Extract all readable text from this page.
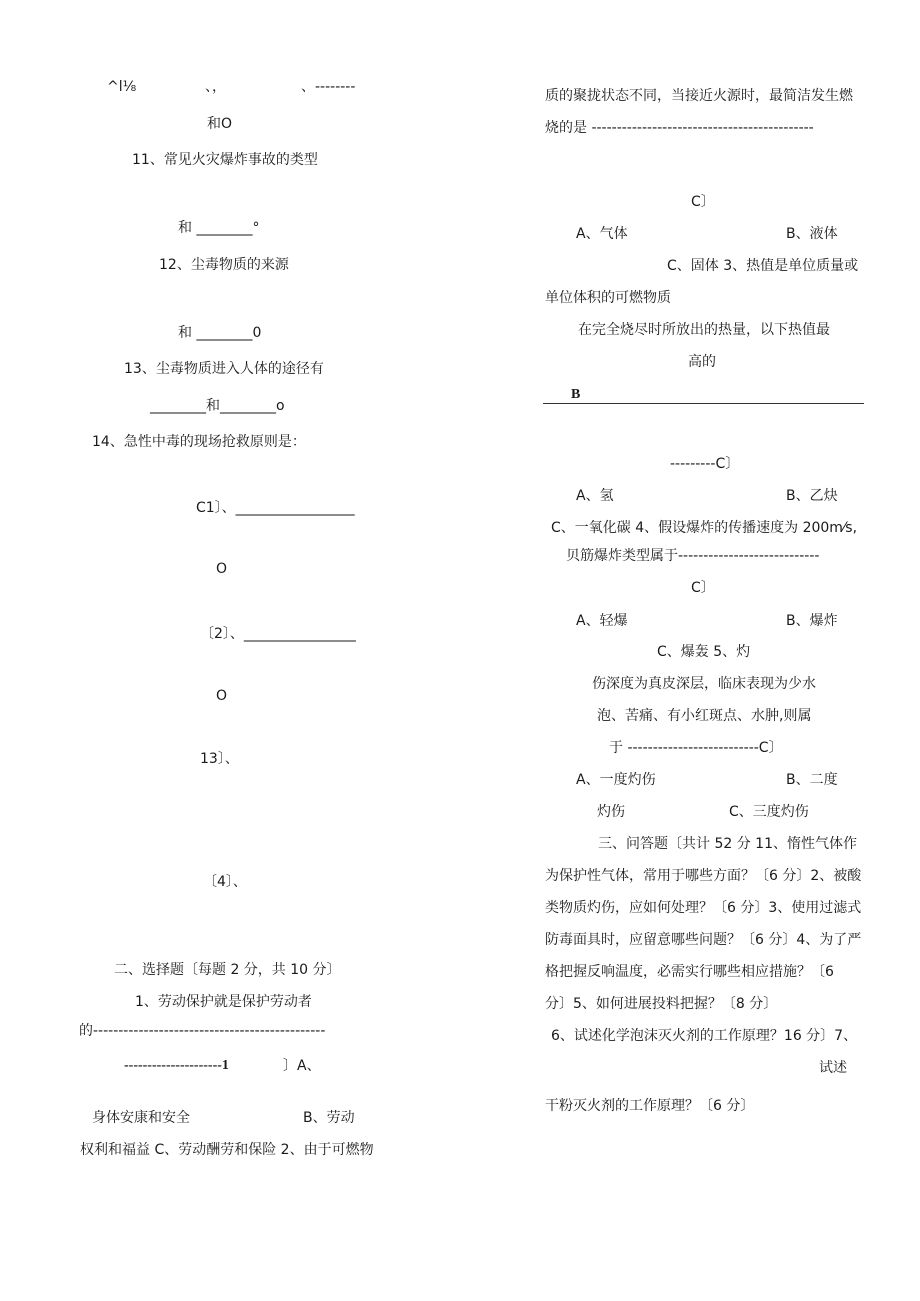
^l⅛	、，	、--------
和O
11、常见火灾爆炸事故的类型
和 ________°
12、尘毒物质的来源
和 ________0
13、尘毒物质进入人体的途径有
________和________o
14、急性中毒的现场抢救原则是：
C1〕、_________________
O
〔2〕、________________
O
13〕、
〔4〕、
二、选择题〔每题 2 分，共 10 分〕
1、劳动保护就是保护劳动者
的----------------------------------------------
---------------------1	〕A、
身体安康和安全	B、劳动
权利和福益 C、劳动酬劳和保险 2、由于可燃物
质的聚拢状态不同，当接近火源时，最简洁发生燃
烧的是 --------------------------------------------
C〕
A、气体	B、液体
C、固体 3、热值是单位质量或
单位体积的可燃物质
在完全烧尽时所放出的热量，以下热值最
高的
B
---------C〕
A、氢	B、乙炔
C、一氧化碳 4、假设爆炸的传播速度为 200m⁄s,
贝筋爆炸类型属于----------------------------
C〕
A、轻爆	B、爆炸
C、爆轰 5、灼
伤深度为真皮深层，临床表现为少水
泡、苦痛、有小红斑点、水肿,则属
于 --------------------------C〕
A、一度灼伤	B、二度
灼伤	C、三度灼伤
三、问答题〔共计 52 分 11、惰性气体作
为保护性气体，常用于哪些方面？〔6 分〕2、被酸
类物质灼伤，应如何处理？〔6 分〕3、使用过滤式
防毒面具时，应留意哪些问题？〔6 分〕4、为了严
格把握反响温度，必需实行哪些相应措施？〔6
分〕5、如何进展投料把握？〔8 分〕
6、试述化学泡沫灭火剂的工作原理？16 分〕7、
试述
干粉灭火剂的工作原理？〔6 分〕
